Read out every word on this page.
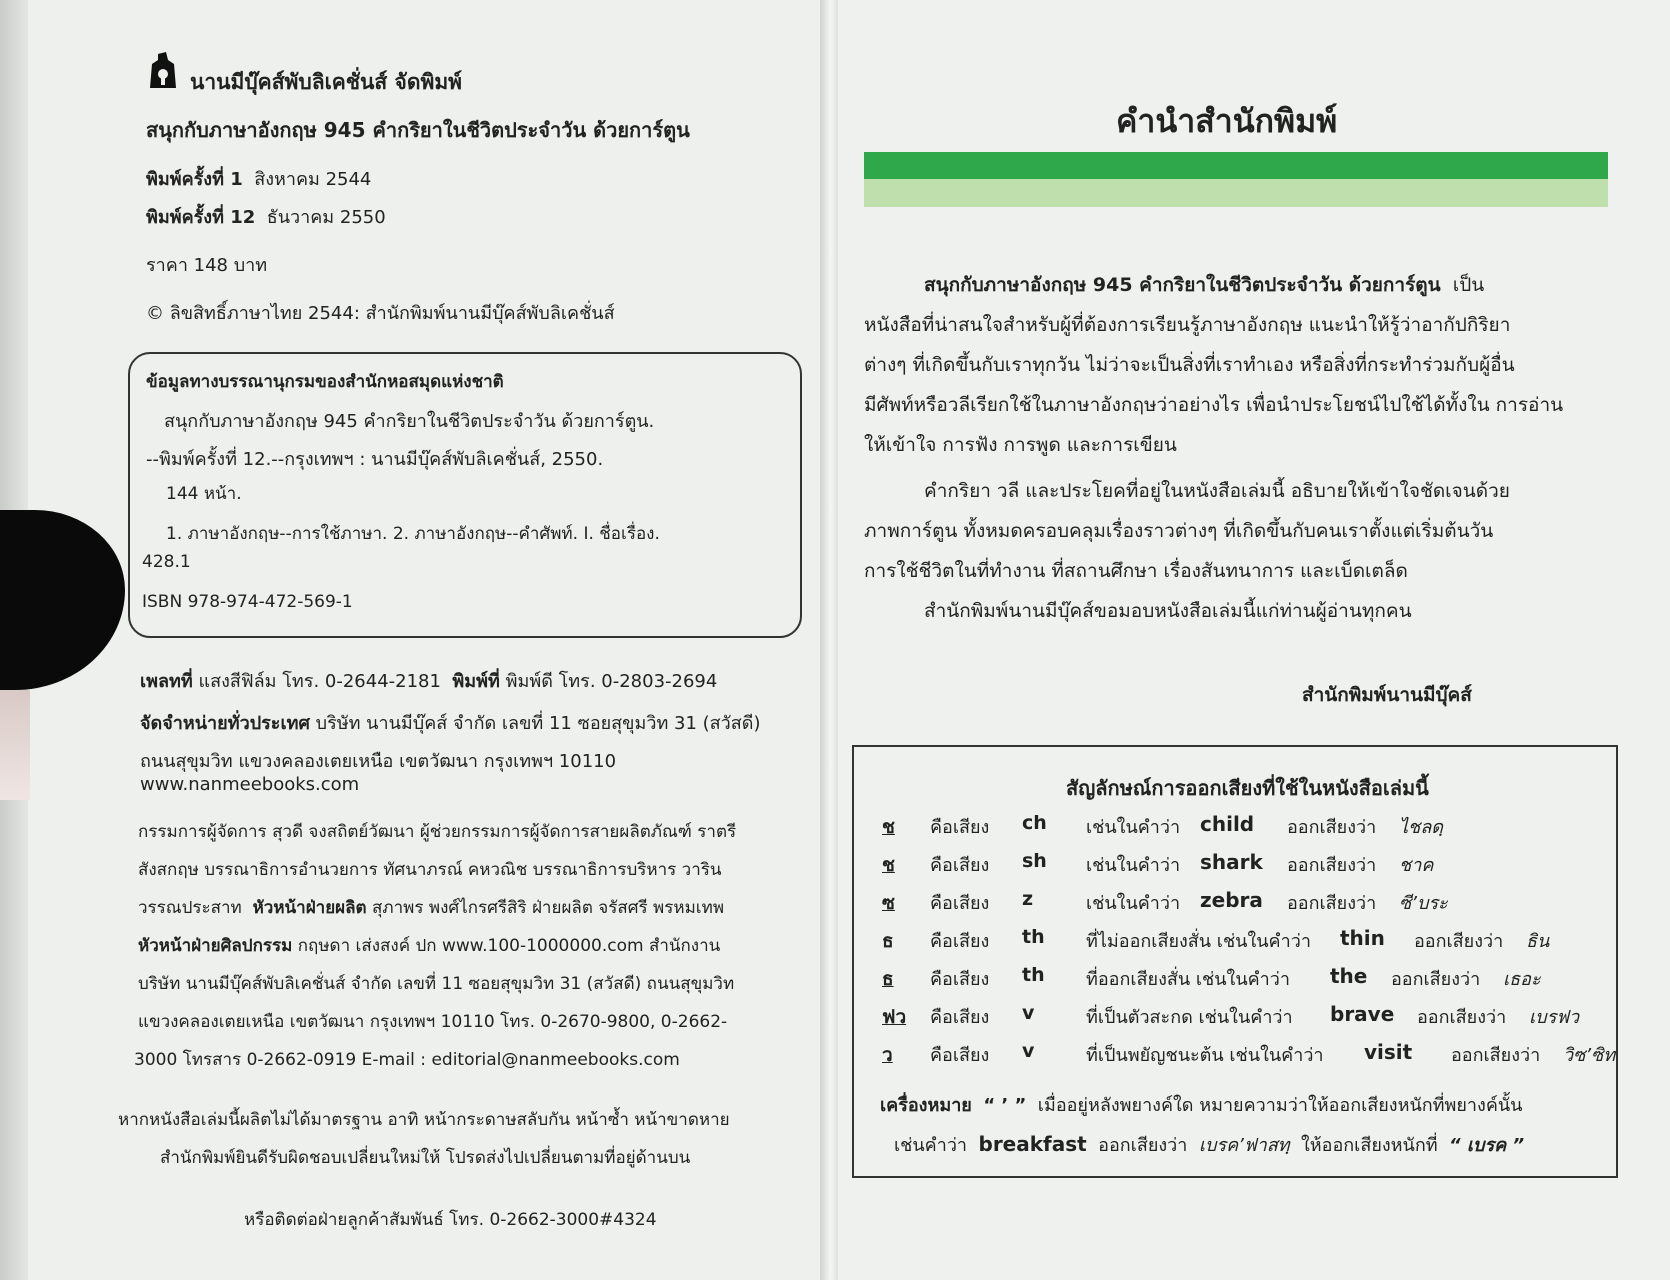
นานมีบุ๊คส์พับลิเคชั่นส์ จัดพิมพ์
สนุกกับภาษาอังกฤษ 945 คำกริยาในชีวิตประจำวัน ด้วยการ์ตูน
พิมพ์ครั้งที่ 1 สิงหาคม 2544
พิมพ์ครั้งที่ 12 ธันวาคม 2550
ราคา 148 บาท
© ลิขสิทธิ์ภาษาไทย 2544: สำนักพิมพ์นานมีบุ๊คส์พับลิเคชั่นส์
ข้อมูลทางบรรณานุกรมของสำนักหอสมุดแห่งชาติ
สนุกกับภาษาอังกฤษ 945 คำกริยาในชีวิตประจำวัน ด้วยการ์ตูน.
--พิมพ์ครั้งที่ 12.--กรุงเทพฯ : นานมีบุ๊คส์พับลิเคชั่นส์, 2550.
144 หน้า.
1. ภาษาอังกฤษ--การใช้ภาษา. 2. ภาษาอังกฤษ--คำศัพท์. I. ชื่อเรื่อง.
428.1
ISBN 978-974-472-569-1
เพลทที่ แสงสีฟิล์ม โทร. 0-2644-2181 พิมพ์ที่ พิมพ์ดี โทร. 0-2803-2694
จัดจำหน่ายทั่วประเทศ บริษัท นานมีบุ๊คส์ จำกัด เลขที่ 11 ซอยสุขุมวิท 31 (สวัสดี)
ถนนสุขุมวิท แขวงคลองเตยเหนือ เขตวัฒนา กรุงเทพฯ 10110
www.nanmeebooks.com
กรรมการผู้จัดการ สุวดี จงสถิตย์วัฒนา ผู้ช่วยกรรมการผู้จัดการสายผลิตภัณฑ์ ราตรี
สังสกฤษ บรรณาธิการอำนวยการ ทัศนาภรณ์ คหวณิช บรรณาธิการบริหาร วาริน
วรรณประสาท หัวหน้าฝ่ายผลิต สุภาพร พงศ์ไกรศรีสิริ ฝ่ายผลิต จรัสศรี พรหมเทพ
หัวหน้าฝ่ายศิลปกรรม กฤษดา เส่งสงค์ ปก www.100-1000000.com สำนักงาน
บริษัท นานมีบุ๊คส์พับลิเคชั่นส์ จำกัด เลขที่ 11 ซอยสุขุมวิท 31 (สวัสดี) ถนนสุขุมวิท
แขวงคลองเตยเหนือ เขตวัฒนา กรุงเทพฯ 10110 โทร. 0-2670-9800, 0-2662-
3000 โทรสาร 0-2662-0919 E-mail : editorial@nanmeebooks.com
หากหนังสือเล่มนี้ผลิตไม่ได้มาตรฐาน อาทิ หน้ากระดาษสลับกัน หน้าซ้ำ หน้าขาดหาย
สำนักพิมพ์ยินดีรับผิดชอบเปลี่ยนใหม่ให้ โปรดส่งไปเปลี่ยนตามที่อยู่ด้านบน
หรือติดต่อฝ่ายลูกค้าสัมพันธ์ โทร. 0-2662-3000#4324
คำนำสำนักพิมพ์
สนุกกับภาษาอังกฤษ 945 คำกริยาในชีวิตประจำวัน ด้วยการ์ตูน เป็น
หนังสือที่น่าสนใจสำหรับผู้ที่ต้องการเรียนรู้ภาษาอังกฤษ แนะนำให้รู้ว่าอากัปกิริยา
ต่างๆ ที่เกิดขึ้นกับเราทุกวัน ไม่ว่าจะเป็นสิ่งที่เราทำเอง หรือสิ่งที่กระทำร่วมกับผู้อื่น
มีศัพท์หรือวลีเรียกใช้ในภาษาอังกฤษว่าอย่างไร เพื่อนำประโยชน์ไปใช้ได้ทั้งใน การอ่าน
ให้เข้าใจ การฟัง การพูด และการเขียน
คำกริยา วลี และประโยคที่อยู่ในหนังสือเล่มนี้ อธิบายให้เข้าใจชัดเจนด้วย
ภาพการ์ตูน ทั้งหมดครอบคลุมเรื่องราวต่างๆ ที่เกิดขึ้นกับคนเราตั้งแต่เริ่มต้นวัน
การใช้ชีวิตในที่ทำงาน ที่สถานศึกษา เรื่องสันทนาการ และเบ็ดเตล็ด
สำนักพิมพ์นานมีบุ๊คส์ขอมอบหนังสือเล่มนี้แก่ท่านผู้อ่านทุกคน
สำนักพิมพ์นานมีบุ๊คส์
สัญลักษณ์การออกเสียงที่ใช้ในหนังสือเล่มนี้
ช คือเสียง ch เช่นในคำว่า child ออกเสียงว่า ไชลดฺ
ช คือเสียง sh เช่นในคำว่า shark ออกเสียงว่า ชาค
ซ คือเสียง z	เช่นในคำว่า zebra ออกเสียงว่า ซี’บระ
ธ คือเสียง th ที่ไม่ออกเสียงสั่น เช่นในคำว่า thin ออกเสียงว่า ธิน
ธ คือเสียง th ที่ออกเสียงสั่น เช่นในคำว่า the ออกเสียงว่า เธอะ
ฟว คือเสียง v	ที่เป็นตัวสะกด เช่นในคำว่า brave ออกเสียงว่า เบรฟว
ว คือเสียง v	ที่เป็นพยัญชนะต้น เช่นในคำว่า visit ออกเสียงว่า วิซ’ซิท
เครื่องหมาย “ ’ ” เมื่ออยู่หลังพยางค์ใด หมายความว่าให้ออกเสียงหนักที่พยางค์นั้น
เช่นคำว่า breakfast ออกเสียงว่า เบรค’ฟาสทฺ ให้ออกเสียงหนักที่ “ เบรค ”
